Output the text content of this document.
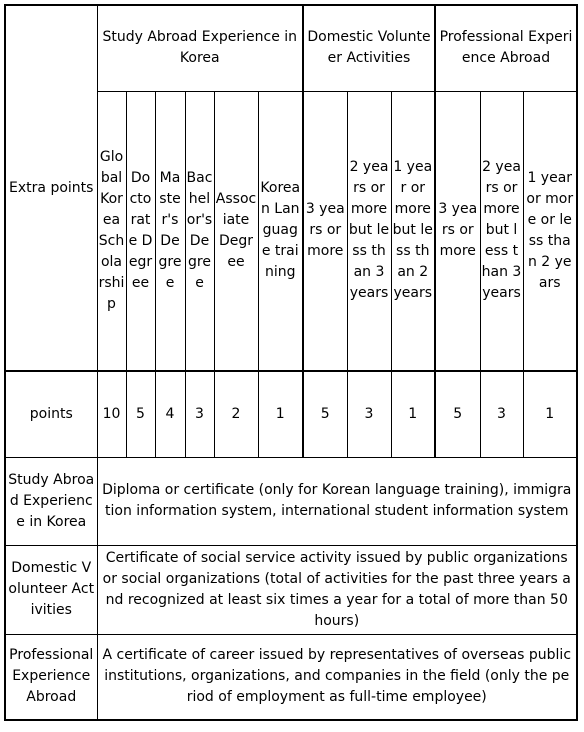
Extra points	Study Abroad Experience in Korea						Domestic Volunteer Activities			Professional Experience Abroad		
	Global Korea Scholarship	Doctorate Degree	Master's Degree	Bachelor's Degree	Associate Degree	Korean Language training	3 years or more	2 years or more but less than 3 years	1 year or more but less than 2 years	3 years or more	2 years or more but less than 3 years	1 year or more or less than 2 years
points	10	5	4	3	2	1	5	3	1	5	3	1
Study Abroad Experience in Korea	Diploma or certificate (only for Korean language training), immigration information system, international student information system											
Domestic Volunteer Activities	Certificate of social service activity issued by public organizations or social organizations (total of activities for the past three years and recognized at least six times a year for a total of more than 50 hours)											
Professional Experience Abroad	A certificate of career issued by representatives of overseas public institutions, organizations, and companies in the field (only the period of employment as full-time employee)											
